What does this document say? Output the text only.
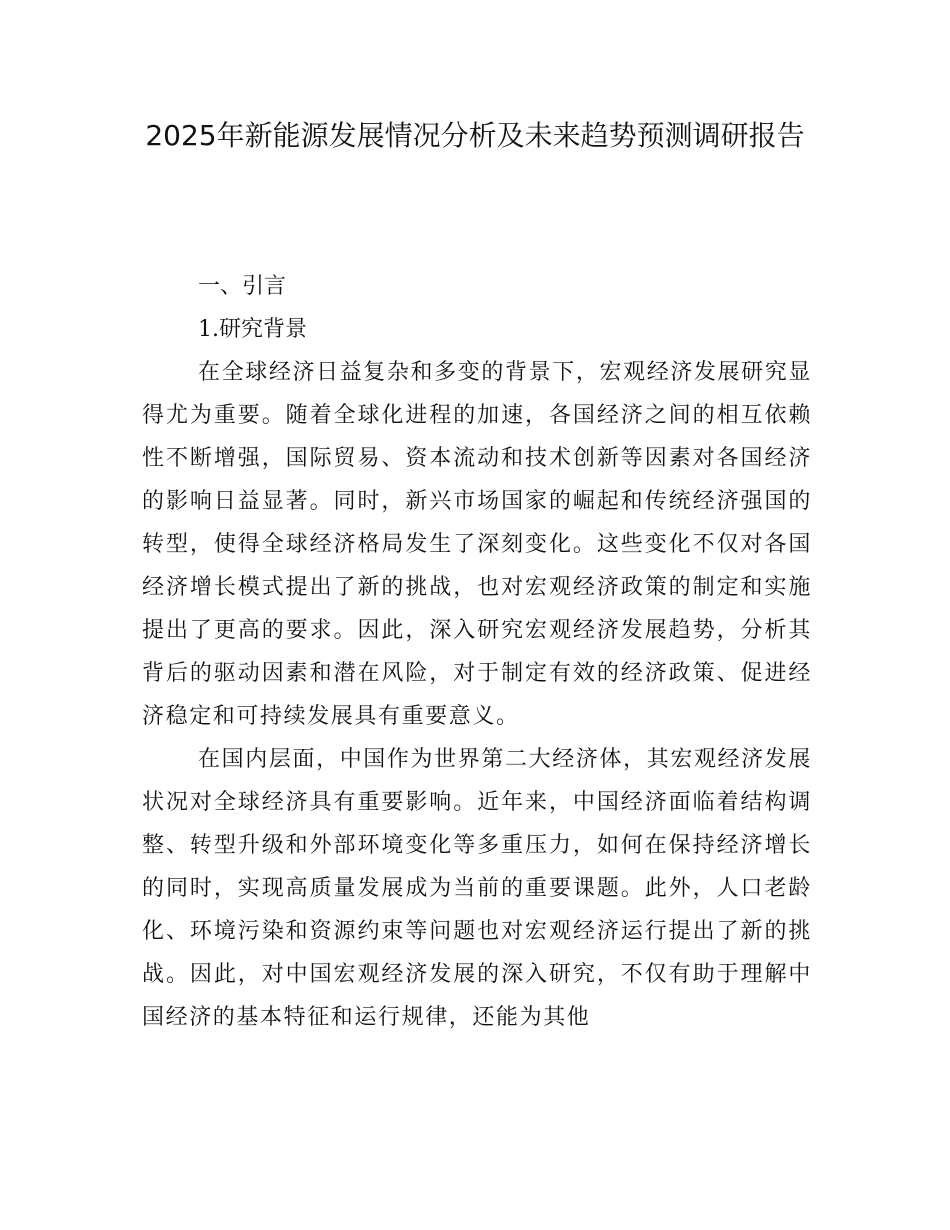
2025年新能源发展情况分析及未来趋势预测调研报告
一、引言
1.研究背景

在全球经济日益复杂和多变的背景下，宏观经济发展研究显得尤为重要。随着全球化进程的加速，各国经济之间的相互依赖性不断增强，国际贸易、资本流动和技术创新等因素对各国经济的影响日益显著。同时，新兴市场国家的崛起和传统经济强国的转型，使得全球经济格局发生了深刻变化。这些变化不仅对各国经济增长模式提出了新的挑战，也对宏观经济政策的制定和实施提出了更高的要求。因此，深入研究宏观经济发展趋势，分析其背后的驱动因素和潜在风险，对于制定有效的经济政策、促进经济稳定和可持续发展具有重要意义。

在国内层面，中国作为世界第二大经济体，其宏观经济发展状况对全球经济具有重要影响。近年来，中国经济面临着结构调整、转型升级和外部环境变化等多重压力，如何在保持经济增长的同时，实现高质量发展成为当前的重要课题。此外，人口老龄化、环境污染和资源约束等问题也对宏观经济运行提出了新的挑战。因此，对中国宏观经济发展的深入研究，不仅有助于理解中国经济的基本特征和运行规律，还能为其他
